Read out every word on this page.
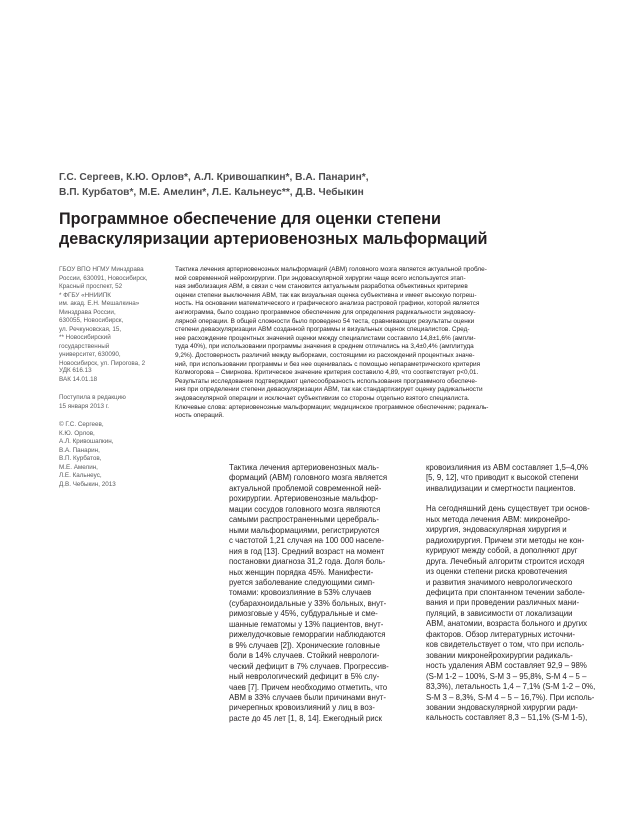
Г.С. Сергеев, К.Ю. Орлов*, А.Л. Кривошапкин*, В.А. Панарин*,
В.П. Курбатов*, М.Е. Амелин*, Л.Е. Кальнеус**, Д.В. Чебыкин
Программное обеспечение для оценки степени
деваскуляризации артериовенозных мальформаций
ГБОУ ВПО НГМУ Минздрава
России, 630091, Новосибирск,
Красный проспект, 52
* ФГБУ «ННИИПК
им. акад. Е.Н. Мешалкина»
Минздрава России,
630055, Новосибирск,
ул. Речкуновская, 15,
** Новосибирский
государственный
университет, 630090,
Новосибирск, ул. Пирогова, 2
УДК 616.13
ВАК 14.01.18
Поступила в редакцию
15 января 2013 г.
© Г.С. Сергеев,
К.Ю. Орлов,
А.Л. Кривошапкин,
В.А. Панарин,
В.П. Курбатов,
М.Е. Амелин,
Л.Е. Кальнеус,
Д.В. Чебыкин, 2013
Тактика лечения артериовенозных мальформаций (АВМ) головного мозга является актуальной пробле-
мой современной нейрохирургии. При эндоваскулярной хирургии чаще всего используется этап-
ная эмболизация АВМ, в связи с чем становится актуальным разработка объективных критериев
оценки степени выключения АВМ, так как визуальная оценка субъективна и имеет высокую погреш-
ность. На основании математического и графического анализа растровой графики, которой является
ангиограмма, было создано программное обеспечение для определения радикальности эндоваску-
лярной операции. В общей сложности было проведено 54 теста, сравнивающих результаты оценки
степени деваскуляризации АВМ созданной программы и визуальных оценок специалистов. Сред-
нее расхождение процентных значений оценки между специалистами составило 14,8±1,6% (ампли-
туда 40%), при использовании программы значения в среднем отличались на 3,4±0,4% (амплитуда
9,2%). Достоверность различий между выборками, состоящими из расхождений процентных значе-
ний, при использовании программы и без нее оценивалась с помощью непараметрического критерия
Колмогорова – Смирнова. Критическое значение критерия составило 4,89, что соответствует p<0,01.
Результаты исследования подтверждают целесообразность использования программного обеспече-
ния при определении степени деваскуляризации АВМ, так как стандартизирует оценку радикальности
эндоваскулярной операции и исключает субъективизм со стороны отдельно взятого специалиста.
Ключевые слова: артериовенозные мальформации; медицинское программное обеспечение; радикаль-
ность операций.
Тактика лечения артериовенозных маль-
формаций (АВМ) головного мозга является
актуальной проблемой современной ней-
рохирургии. Артериовенозные мальфор-
мации сосудов головного мозга являются
самыми распространенными церебраль-
ными мальформациями, регистрируются
с частотой 1,21 случая на 100 000 населе-
ния в год [13]. Средний возраст на момент
постановки диагноза 31,2 года. Доля боль-
ных женщин порядка 45%. Манифести-
руется заболевание следующими симп-
томами: кровоизлияние в 53% случаев
(субарахноидальные у 33% больных, внут-
римозговые у 45%, субдуральные и сме-
шанные гематомы у 13% пациентов, внут-
рижелудочковые геморрагии наблюдаются
в 9% случаев [2]). Хронические головные
боли в 14% случаев. Стойкий неврологи-
ческий дефицит в 7% случаев. Прогрессив-
ный неврологический дефицит в 5% слу-
чаев [7]. Причем необходимо отметить, что
АВМ в 33% случаев были причинами внут-
ричерепных кровоизлияний у лиц в воз-
расте до 45 лет [1, 8, 14]. Ежегодный риск
кровоизлияния из АВМ составляет 1,5–4,0%
[5, 9, 12], что приводит к высокой степени
инвалидизации и смертности пациентов.
На сегодняшний день существует три основ-
ных метода лечения АВМ: микронейро-
хирургия, эндоваскулярная хирургия и
радиохирургия. Причем эти методы не кон-
курируют между собой, а дополняют друг
друга. Лечебный алгоритм строится исходя
из оценки степени риска кровотечения
и развития значимого неврологического
дефицита при спонтанном течении заболе-
вания и при проведении различных мани-
пуляций, в зависимости от локализации
АВМ, анатомии, возраста больного и других
факторов. Обзор литературных источни-
ков свидетельствует о том, что при исполь-
зовании микронейрохирургии радикаль-
ность удаления АВМ составляет 92,9 – 98%
(S-M 1-2 – 100%, S-M 3 – 95,8%, S-M 4 – 5 –
83,3%), летальность 1,4 – 7,1% (S-M 1-2 – 0%,
S-M 3 – 8,3%, S-M 4 – 5 – 16,7%). При исполь-
зовании эндоваскулярной хирургии ради-
кальность составляет 8,3 – 51,1% (S-M 1-5),
